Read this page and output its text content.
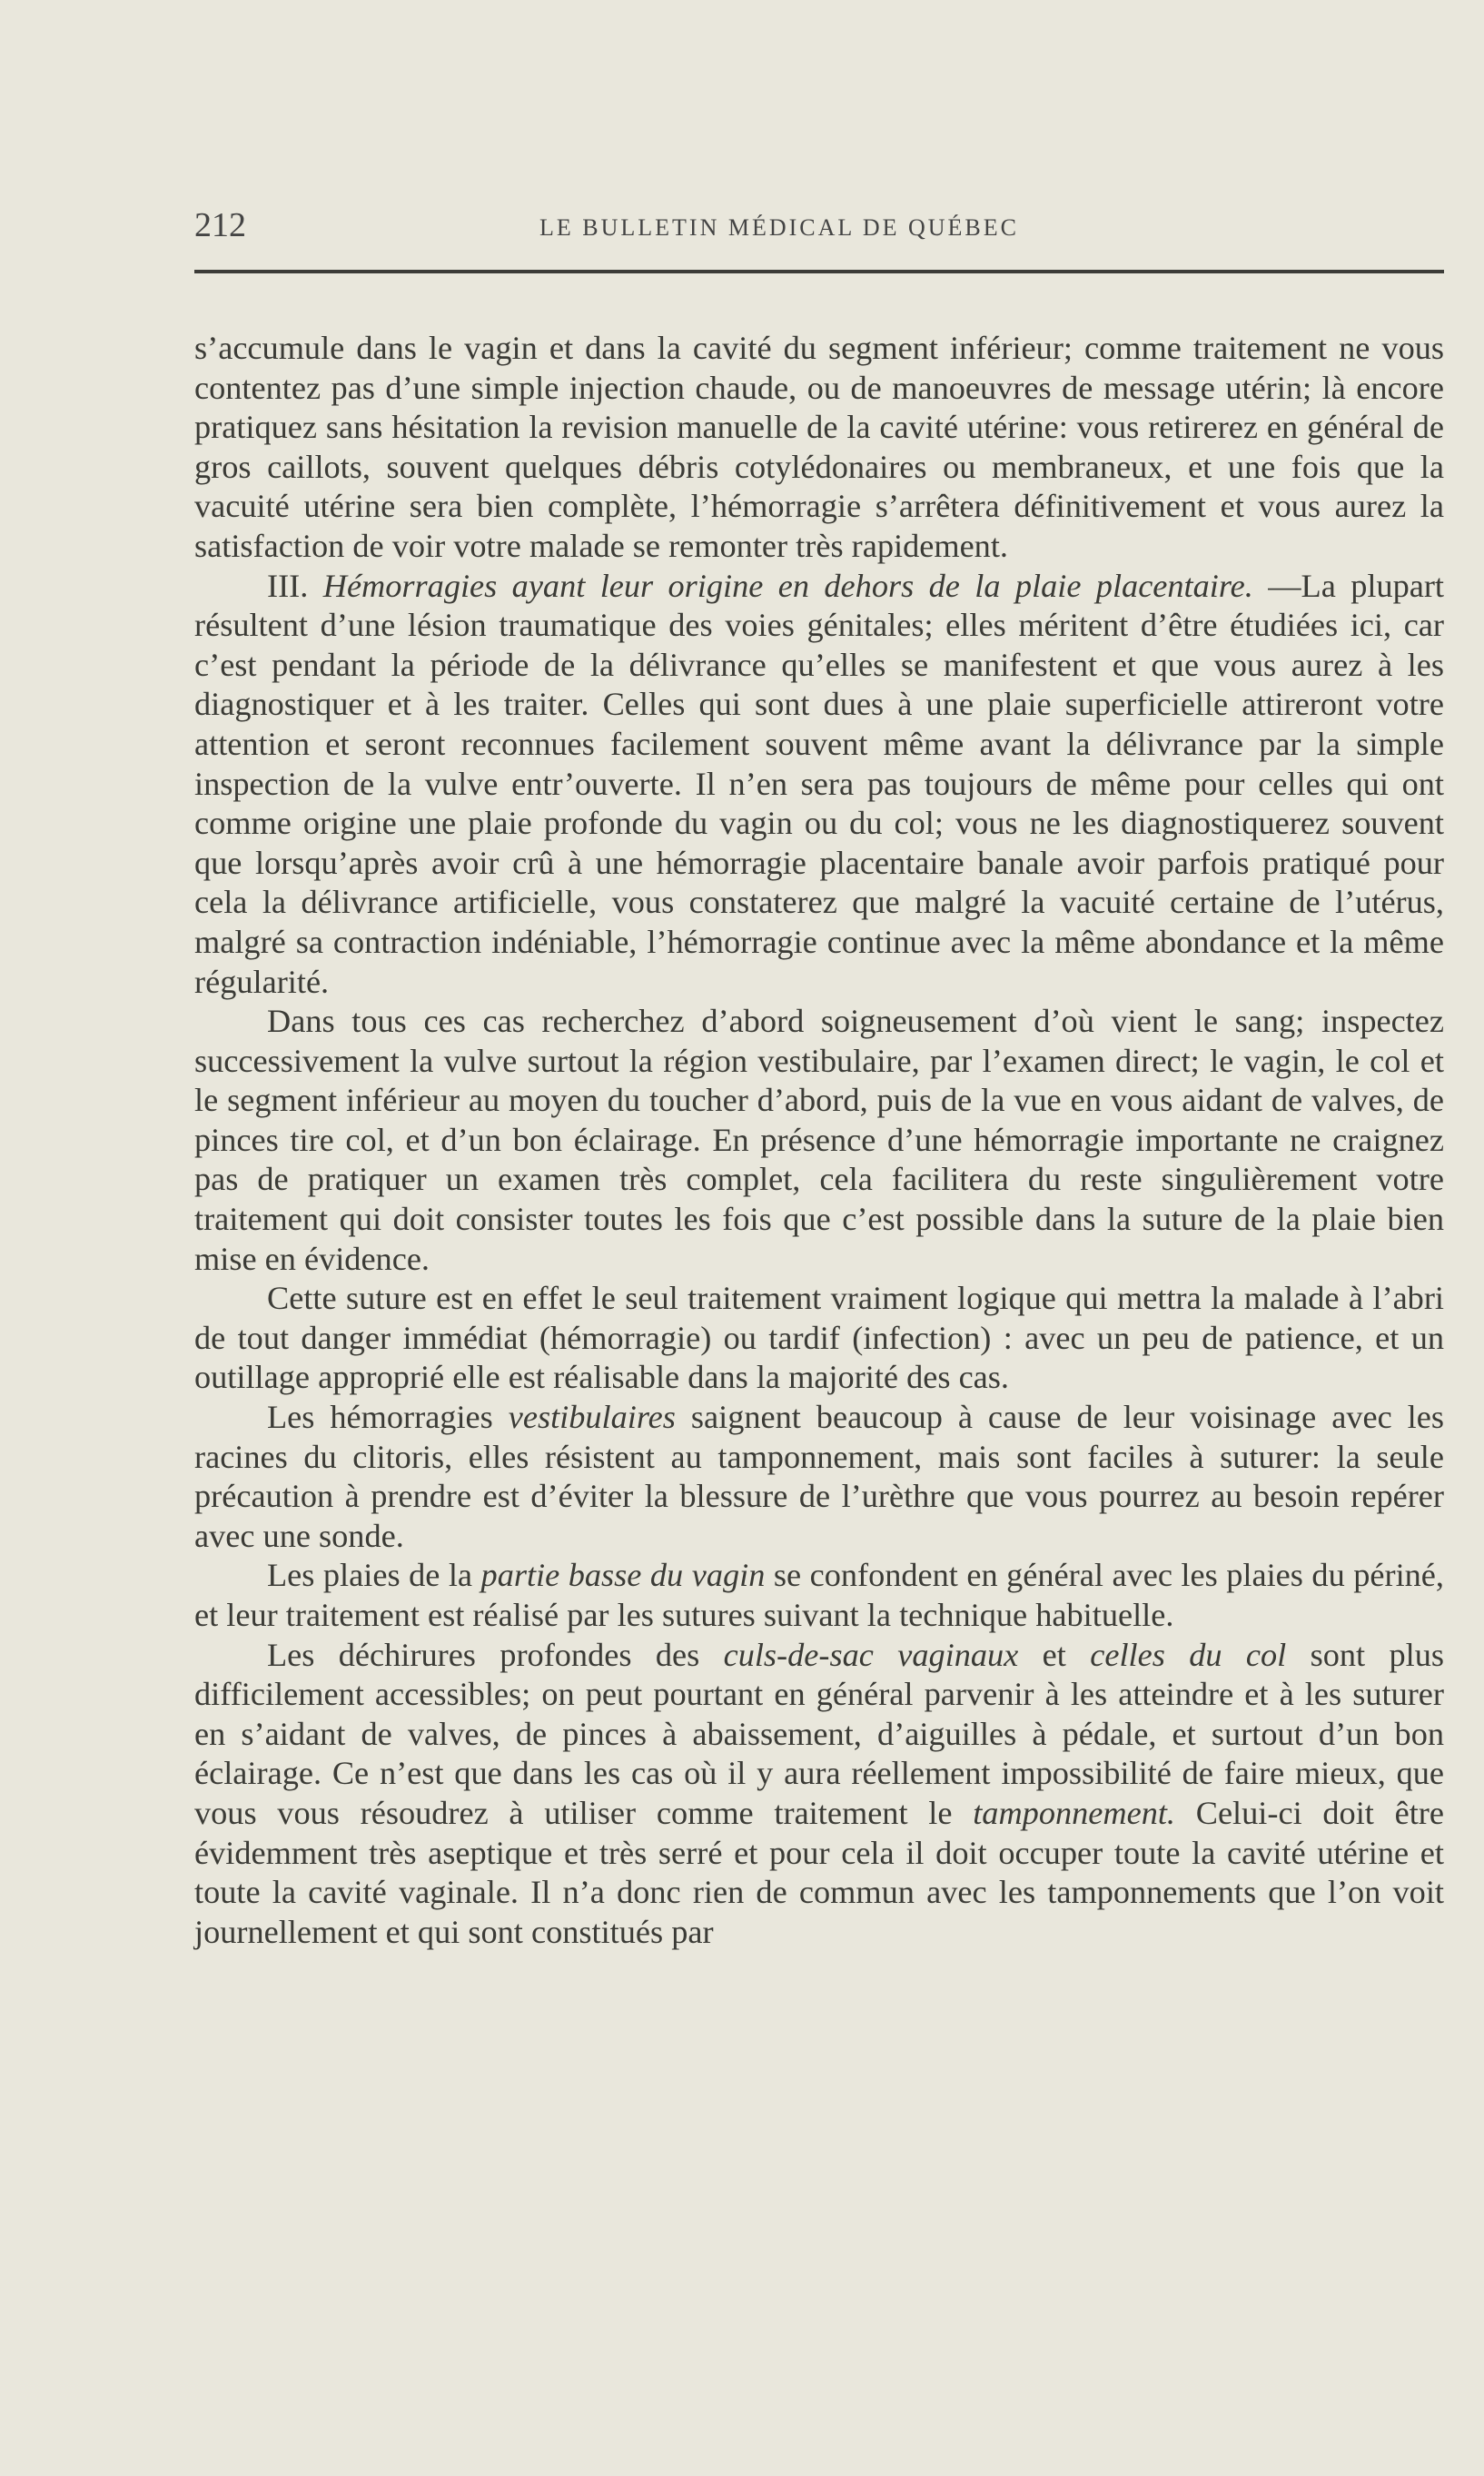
212	LE BULLETIN MÉDICAL DE QUÉBEC

s’accumule dans le vagin et dans la cavité du segment inférieur; comme traitement ne vous contentez pas d’une simple injection chaude, ou de manoeuvres de message utérin; là encore pratiquez sans hésitation la revision manuelle de la cavité utérine: vous retirerez en général de gros caillots, souvent quelques débris cotylédonaires ou membraneux, et une fois que la vacuité utérine sera bien complète, l’hémorragie s’arrêtera définitivement et vous aurez la satisfaction de voir votre malade se remonter très rapidement.

III. Hémorragies ayant leur origine en dehors de la plaie placentaire. —La plupart résultent d’une lésion traumatique des voies génitales; elles méritent d’être étudiées ici, car c’est pendant la période de la délivrance qu’elles se manifestent et que vous aurez à les diagnostiquer et à les traiter. Celles qui sont dues à une plaie superficielle attireront votre attention et seront reconnues facilement souvent même avant la délivrance par la simple inspection de la vulve entr’ouverte. Il n’en sera pas toujours de même pour celles qui ont comme origine une plaie profonde du vagin ou du col; vous ne les diagnostiquerez souvent que lorsqu’après avoir crû à une hémorragie placentaire banale avoir parfois pratiqué pour cela la délivrance artificielle, vous constaterez que malgré la vacuité certaine de l’utérus, malgré sa contraction indéniable, l’hémorragie continue avec la même abondance et la même régularité.

Dans tous ces cas recherchez d’abord soigneusement d’où vient le sang; inspectez successivement la vulve surtout la région vestibulaire, par l’examen direct; le vagin, le col et le segment inférieur au moyen du toucher d’abord, puis de la vue en vous aidant de valves, de pinces tire col, et d’un bon éclairage. En présence d’une hémorragie importante ne craignez pas de pratiquer un examen très complet, cela facilitera du reste singulièrement votre traitement qui doit consister toutes les fois que c’est possible dans la suture de la plaie bien mise en évidence.

Cette suture est en effet le seul traitement vraiment logique qui mettra la malade à l’abri de tout danger immédiat (hémorragie) ou tardif (infection) : avec un peu de patience, et un outillage approprié elle est réalisable dans la majorité des cas.

Les hémorragies vestibulaires saignent beaucoup à cause de leur voisinage avec les racines du clitoris, elles résistent au tamponnement, mais sont faciles à suturer: la seule précaution à prendre est d’éviter la blessure de l’urèthre que vous pourrez au besoin repérer avec une sonde.

Les plaies de la partie basse du vagin se confondent en général avec les plaies du périné, et leur traitement est réalisé par les sutures suivant la technique habituelle.

Les déchirures profondes des culs-de-sac vaginaux et celles du col sont plus difficilement accessibles; on peut pourtant en général parvenir à les atteindre et à les suturer en s’aidant de valves, de pinces à abaissement, d’aiguilles à pédale, et surtout d’un bon éclairage. Ce n’est que dans les cas où il y aura réellement impossibilité de faire mieux, que vous vous résoudrez à utiliser comme traitement le tamponnement. Celui-ci doit être évidemment très aseptique et très serré et pour cela il doit occuper toute la cavité utérine et toute la cavité vaginale. Il n’a donc rien de commun avec les tamponnements que l’on voit journellement et qui sont constitués par
